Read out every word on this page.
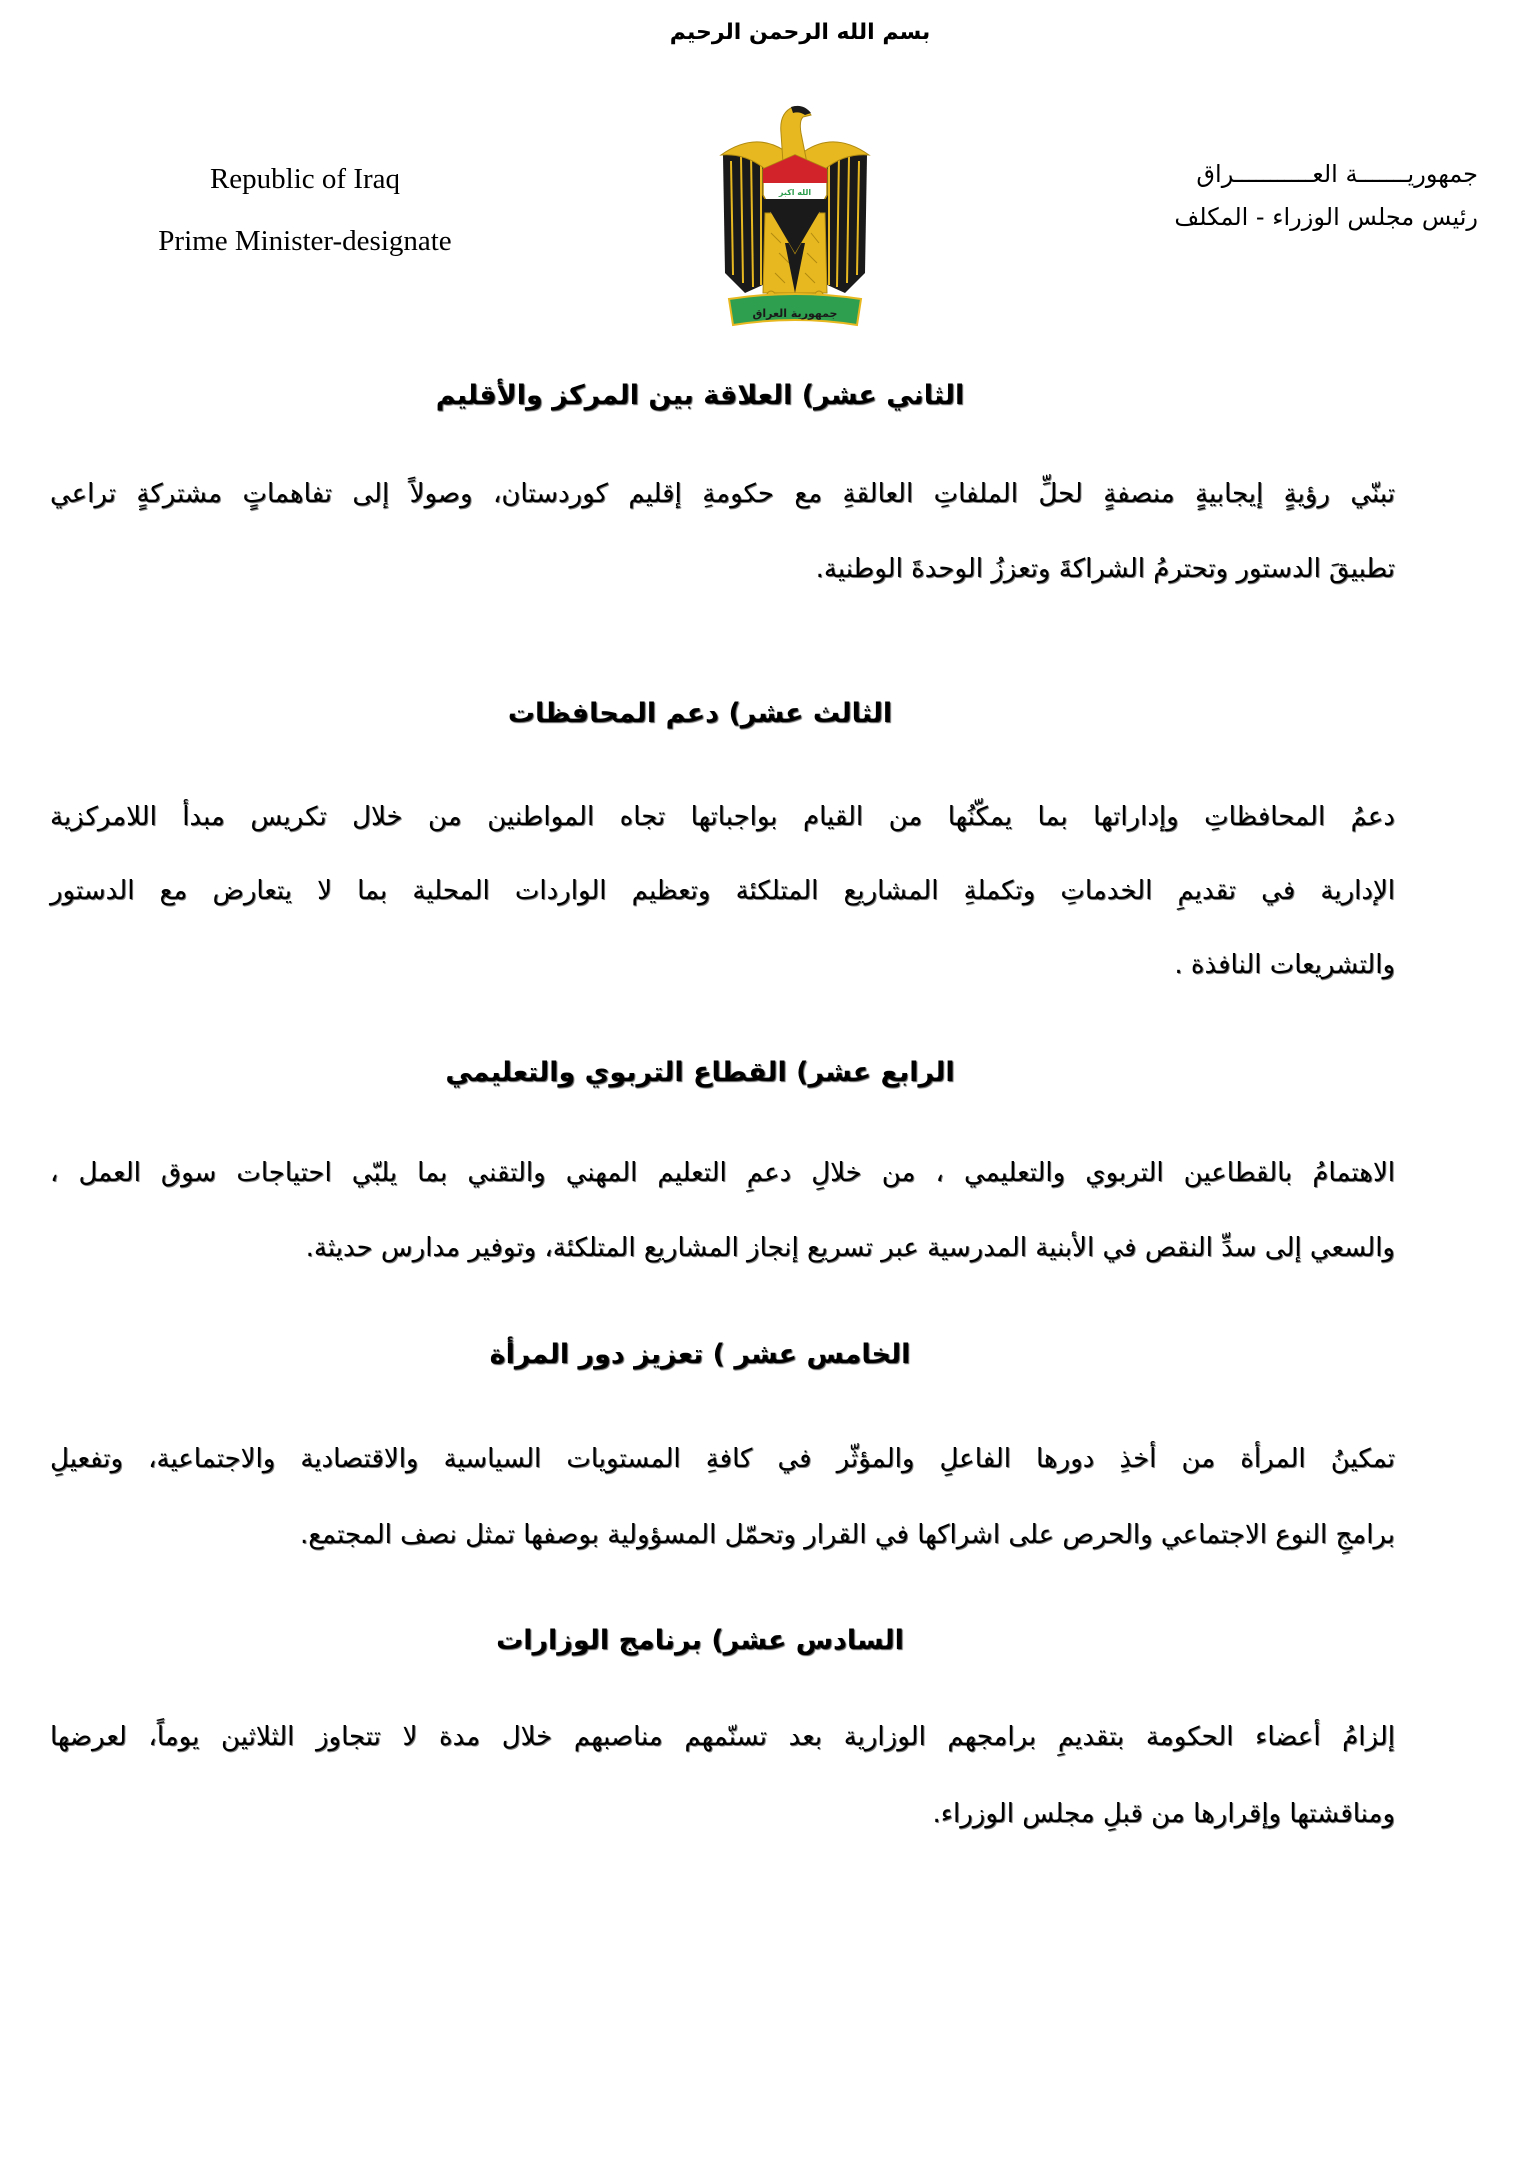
بسم الله الرحمن الرحيم
Republic of Iraq
Prime Minister-designate
جمهوريـــــــة العـــــــــــراق
رئيس مجلس الوزراء - المكلف
الله اكبر
جمهورية العراق
الثاني عشر) العلاقة بين المركز والأقليم
تبنّي رؤيةٍ إيجابيةٍ منصفةٍ لحلِّ الملفاتِ العالقةِ مع حكومةِ إقليم كوردستان، وصولاً إلى تفاهماتٍ مشتركةٍ تراعي
تطبيقَ الدستور وتحترمُ الشراكةَ وتعززُ الوحدةَ الوطنية.
الثالث عشر) دعم المحافظات
دعمُ المحافظاتِ وإداراتها بما يمكّنُها من القيام بواجباتها تجاه المواطنين من خلال تكريس مبدأ اللامركزية
الإدارية في تقديمِ الخدماتِ وتكملةِ المشاريع المتلكئة وتعظيم الواردات المحلية بما لا يتعارض مع الدستور
والتشريعات النافذة .
الرابع عشر) القطاع التربوي والتعليمي
الاهتمامُ بالقطاعين التربوي والتعليمي ، من خلالِ دعمِ التعليم المهني والتقني بما يلبّي احتياجات سوق العمل ،
والسعي إلى سدِّ النقص في الأبنية المدرسية عبر تسريع إنجاز المشاريع المتلكئة، وتوفير مدارس حديثة.
الخامس عشر ) تعزيز دور المرأة
تمكينُ المرأة من أخذِ دورها الفاعلِ والمؤثّر في كافةِ المستويات السياسية والاقتصادية والاجتماعية، وتفعيلِ
برامجِ النوع الاجتماعي والحرص على اشراكها في القرار وتحمّل المسؤولية بوصفها تمثل نصف المجتمع.
السادس عشر) برنامج الوزارات
إلزامُ أعضاء الحكومة بتقديمِ برامجهم الوزارية بعد تسنّمهم مناصبهم خلال مدة لا تتجاوز الثلاثين يوماً، لعرضها
ومناقشتها وإقرارها من قبلِ مجلس الوزراء.
